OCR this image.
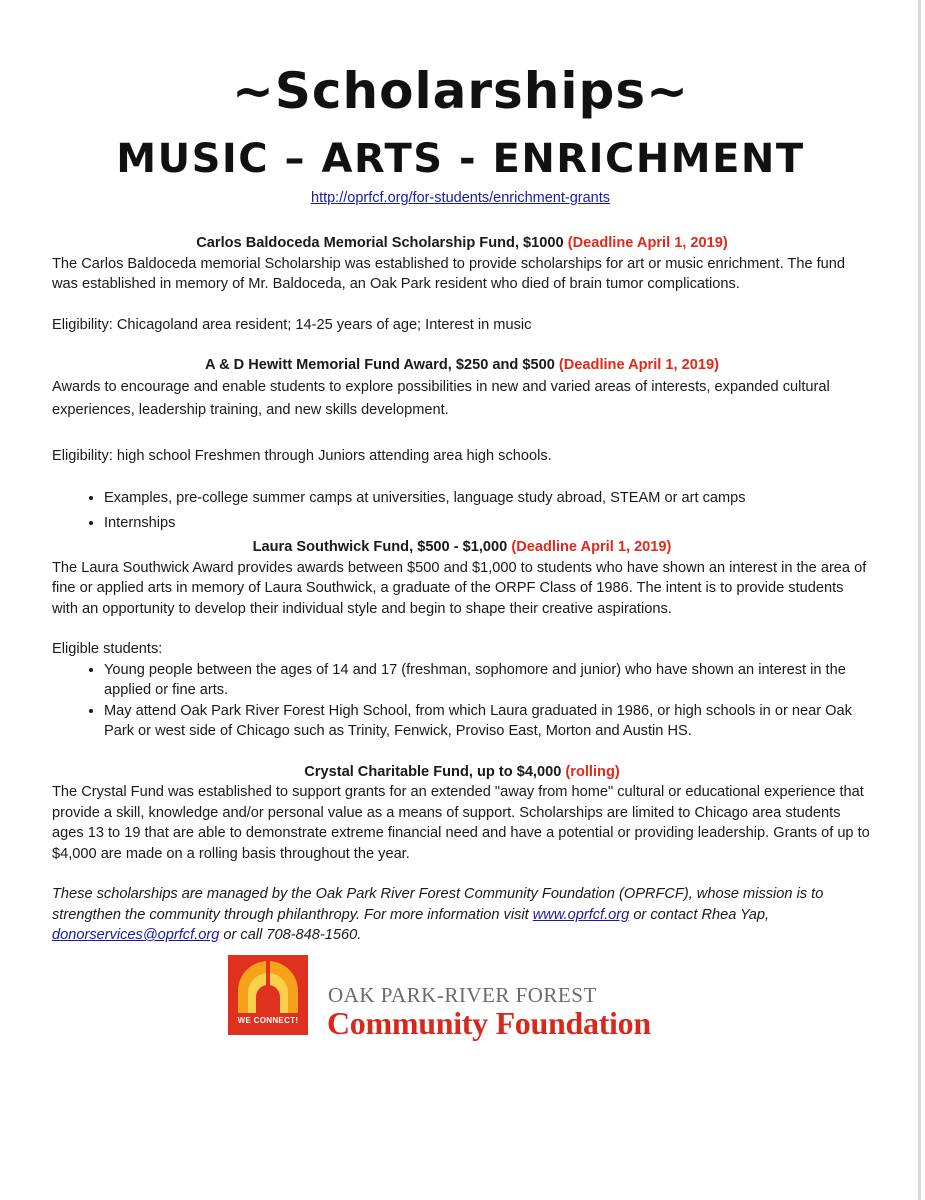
~Scholarships~
MUSIC – ARTS - ENRICHMENT
http://oprfcf.org/for-students/enrichment-grants

Carlos Baldoceda Memorial Scholarship Fund, $1000 (Deadline April 1, 2019)

The Carlos Baldoceda memorial Scholarship was established to provide scholarships for art or music enrichment. The fund was established in memory of Mr. Baldoceda, an Oak Park resident who died of brain tumor complications.

Eligibility: Chicagoland area resident; 14-25 years of age; Interest in music

A & D Hewitt Memorial Fund Award, $250 and $500 (Deadline April 1, 2019)

Awards to encourage and enable students to explore possibilities in new and varied areas of interests, expanded cultural experiences, leadership training, and new skills development.

Eligibility: high school Freshmen through Juniors attending area high schools.

• Examples, pre-college summer camps at universities, language study abroad, STEAM or art camps
• Internships

Laura Southwick Fund, $500 - $1,000 (Deadline April 1, 2019)

The Laura Southwick Award provides awards between $500 and $1,000 to students who have shown an interest in the area of fine or applied arts in memory of Laura Southwick, a graduate of the ORPF Class of 1986. The intent is to provide students with an opportunity to develop their individual style and begin to shape their creative aspirations.

Eligible students:

• Young people between the ages of 14 and 17 (freshman, sophomore and junior) who have shown an interest in the applied or fine arts.
• May attend Oak Park River Forest High School, from which Laura graduated in 1986, or high schools in or near Oak Park or west side of Chicago such as Trinity, Fenwick, Proviso East, Morton and Austin HS.

Crystal Charitable Fund, up to $4,000 (rolling)

The Crystal Fund was established to support grants for an extended "away from home" cultural or educational experience that provide a skill, knowledge and/or personal value as a means of support. Scholarships are limited to Chicago area students ages 13 to 19 that are able to demonstrate extreme financial need and have a potential or providing leadership. Grants of up to $4,000 are made on a rolling basis throughout the year.

These scholarships are managed by the Oak Park River Forest Community Foundation (OPRFCF), whose mission is to strengthen the community through philanthropy. For more information visit www.oprfcf.org or contact Rhea Yap, donorservices@oprfcf.org or call 708-848-1560.

WE CONNECT!
OAK PARK-RIVER FOREST
Community Foundation
